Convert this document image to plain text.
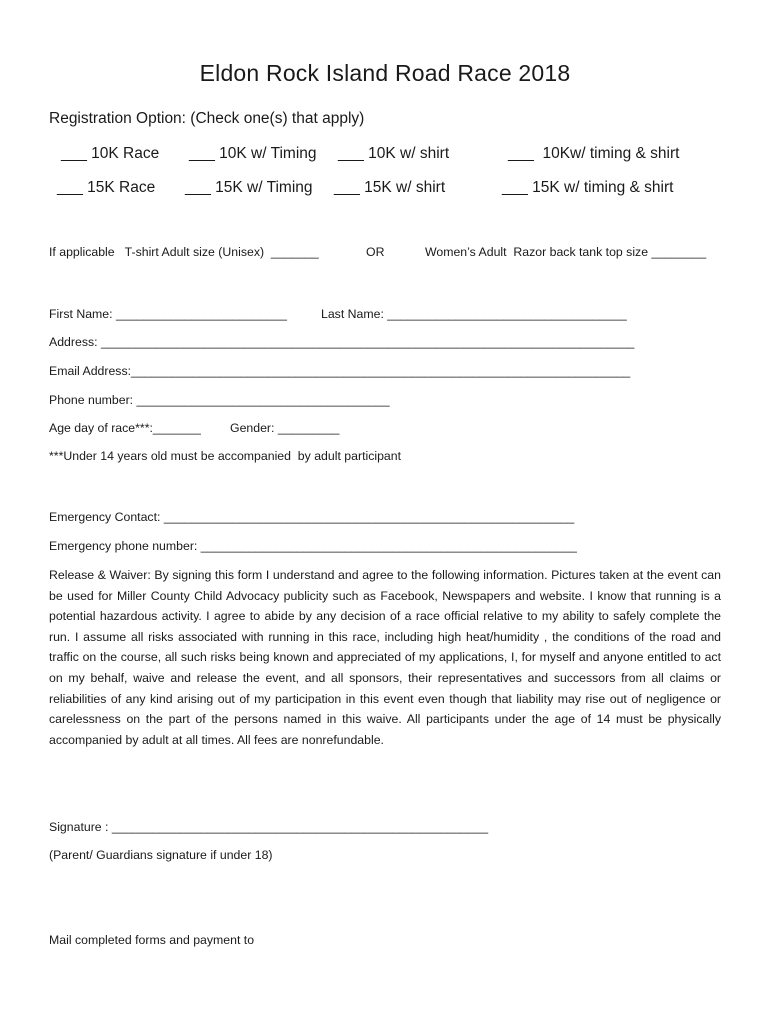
Eldon Rock Island Road Race 2018
Registration Option: (Check one(s) that apply)
___ 10K Race ___ 10K w/ Timing ___ 10K w/ shirt	___  10Kw/ timing & shirt
___ 15K Race ___ 15K w/ Timing ___ 15K w/ shirt	___ 15K w/ timing & shirt
If applicable   T-shirt Adult size (Unisex)  _______	OR	Women’s Adult  Razor back tank top size ________
First Name: _________________________	Last Name: ___________________________________
Address: ______________________________________________________________________________
Email Address:_________________________________________________________________________
Phone number: _____________________________________
Age day of race***:_______ Gender: _________
***Under 14 years old must be accompanied  by adult participant
Emergency Contact: ____________________________________________________________
Emergency phone number: _______________________________________________________
Release & Waiver: By signing this form I understand and agree to the following information. Pictures taken at the event can be used for Miller County Child Advocacy publicity such as Facebook, Newspapers and website. I know that running is a potential hazardous activity. I agree to abide by any decision of a race official relative to my ability to safely complete the run. I assume all risks associated with running in this race, including high heat/humidity , the conditions of the road and traffic on the course, all such risks being known and appreciated of my applications, I, for myself and anyone entitled to act on my behalf, waive and release the event, and all sponsors, their representatives and successors from all claims or reliabilities of any kind arising out of my participation in this event even though that liability may rise out of negligence or carelessness on the part of the persons named in this waive. All participants under the age of 14 must be physically accompanied by adult at all times. All fees are nonrefundable.
Signature : _______________________________________________________
(Parent/ Guardians signature if under 18)
Mail completed forms and payment to
